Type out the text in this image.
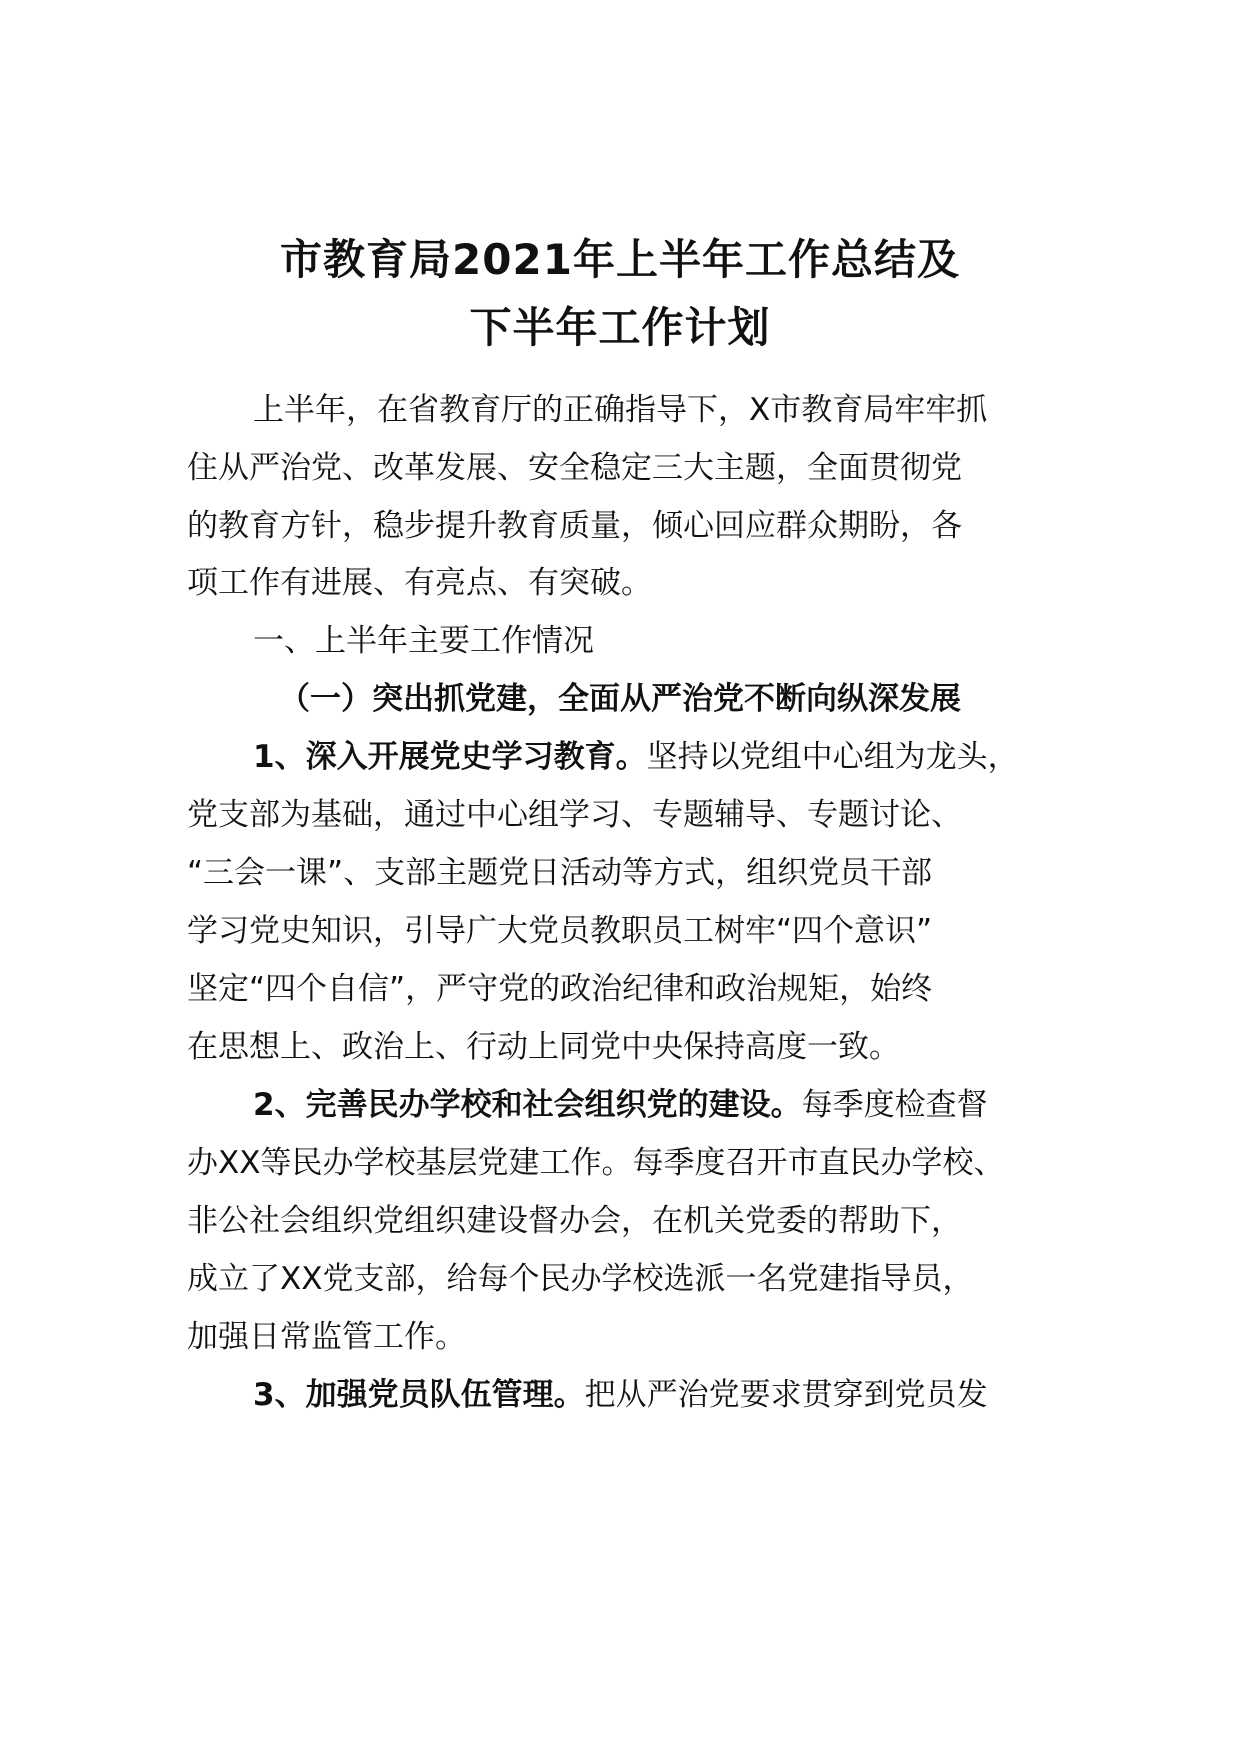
市教育局2021年上半年工作总结及
下半年工作计划
上半年，在省教育厅的正确指导下，X市教育局牢牢抓
住从严治党、改革发展、安全稳定三大主题，全面贯彻党
的教育方针，稳步提升教育质量，倾心回应群众期盼，各
项工作有进展、有亮点、有突破。
一、上半年主要工作情况
（一）突出抓党建，全面从严治党不断向纵深发展
1、深入开展党史学习教育。坚持以党组中心组为龙头，
党支部为基础，通过中心组学习、专题辅导、专题讨论、
“三会一课”、支部主题党日活动等方式，组织党员干部
学习党史知识，引导广大党员教职员工树牢“四个意识”
坚定“四个自信”，严守党的政治纪律和政治规矩，始终
在思想上、政治上、行动上同党中央保持高度一致。
2、完善民办学校和社会组织党的建设。每季度检查督
办XX等民办学校基层党建工作。每季度召开市直民办学校、
非公社会组织党组织建设督办会，在机关党委的帮助下，
成立了XX党支部，给每个民办学校选派一名党建指导员，
加强日常监管工作。
3、加强党员队伍管理。把从严治党要求贯穿到党员发
